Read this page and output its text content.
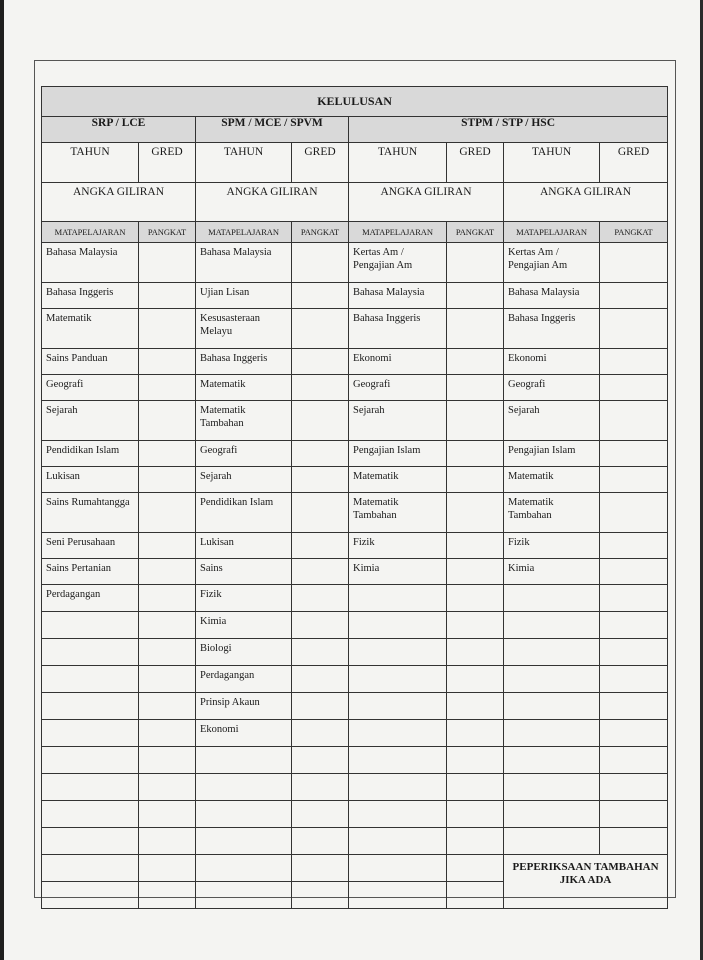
KELULUSAN							
SRP / LCE		SPM / MCE / SPVM		STPM / STP / HSC			
TAHUN	GRED	TAHUN	GRED	TAHUN	GRED	TAHUN	GRED
ANGKA GILIRAN		ANGKA GILIRAN		ANGKA GILIRAN		ANGKA GILIRAN	
MATAPELAJARAN	PANGKAT	MATAPELAJARAN	PANGKAT	MATAPELAJARAN	PANGKAT	MATAPELAJARAN	PANGKAT
Bahasa Malaysia		Bahasa Malaysia		Kertas Am / Pengajian Am		Kertas Am / Pengajian Am	
Bahasa Inggeris		Ujian Lisan		Bahasa Malaysia		Bahasa Malaysia	
Matematik		Kesusasteraan Melayu		Bahasa Inggeris		Bahasa Inggeris	
Sains Panduan		Bahasa Inggeris		Ekonomi		Ekonomi	
Geografi		Matematik		Geografi		Geografi	
Sejarah		Matematik Tambahan		Sejarah		Sejarah	
Pendidikan Islam		Geografi		Pengajian Islam		Pengajian Islam	
Lukisan		Sejarah		Matematik		Matematik	
Sains Rumahtangga		Pendidikan Islam		Matematik Tambahan		Matematik Tambahan	
Seni Perusahaan		Lukisan		Fizik		Fizik	
Sains Pertanian		Sains		Kimia		Kimia	
Perdagangan		Fizik					
		Kimia					
		Biologi					
		Perdagangan					
		Prinsip Akaun					
		Ekonomi					

						PEPERIKSAAN TAMBAHAN JIKA ADA	
